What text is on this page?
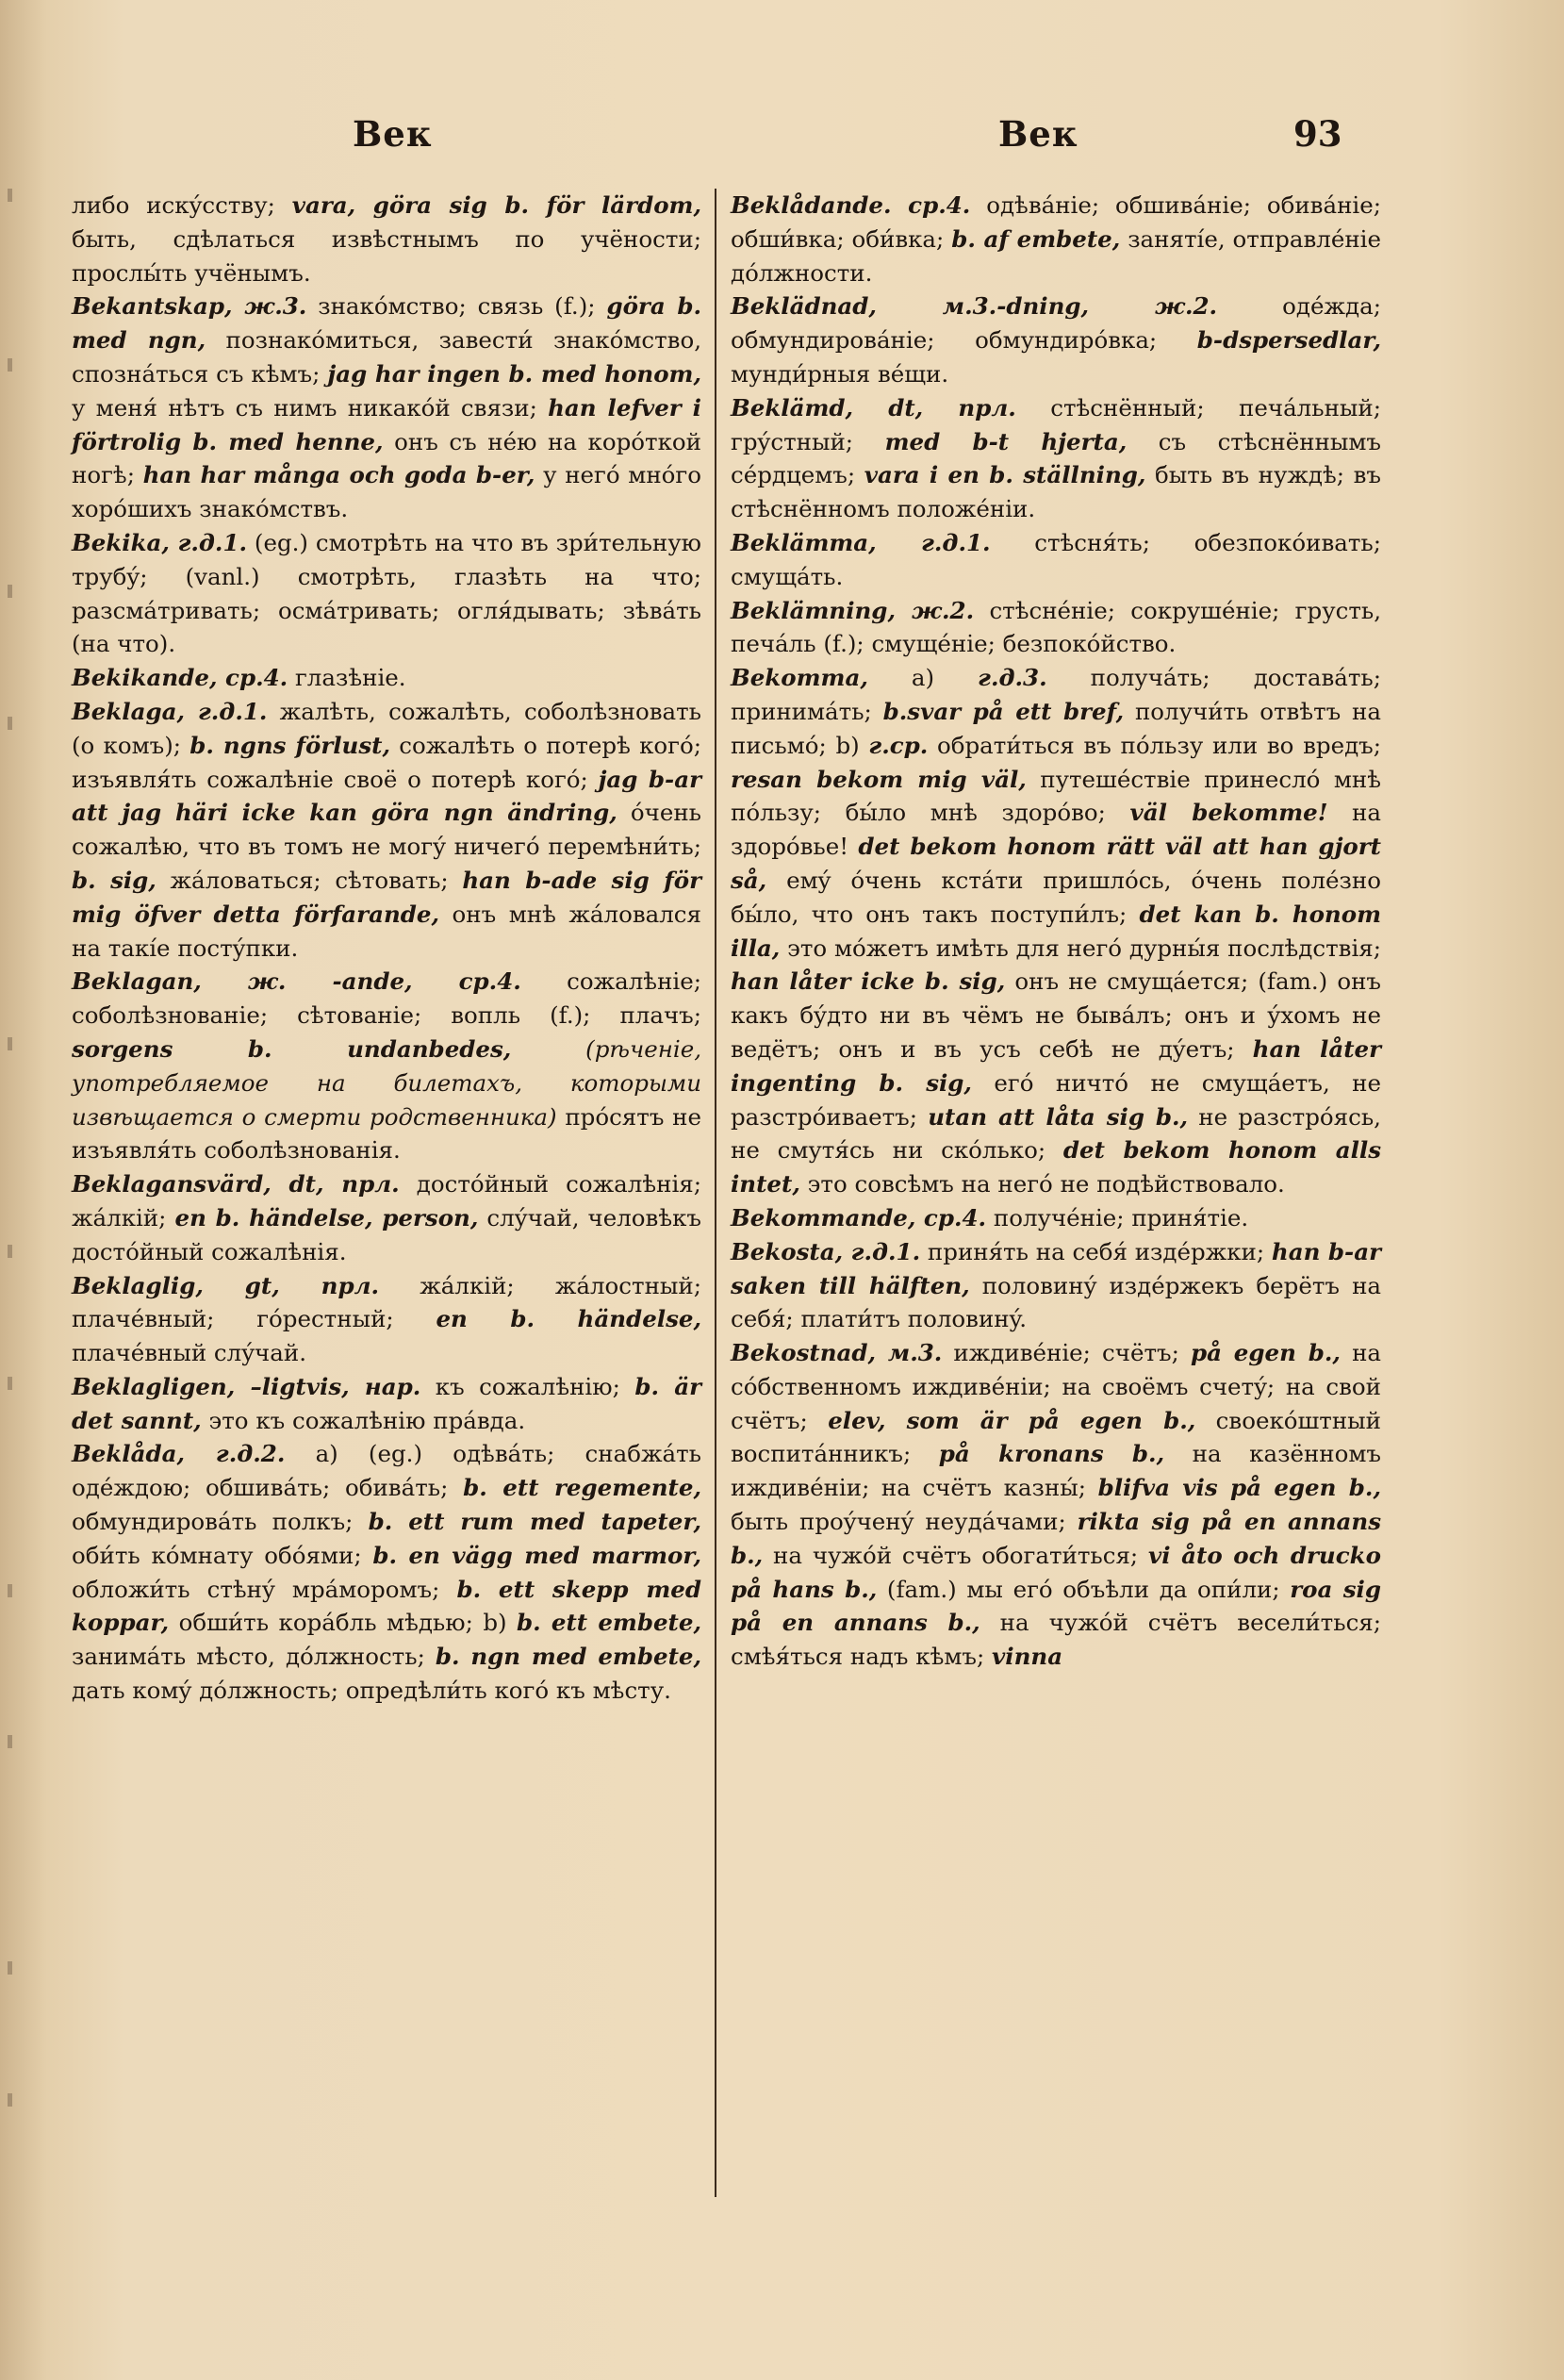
Век	Век	93

либо искýсству; vara, göra sig b. för lärdom, быть, сдѣлаться извѣстнымъ по учёности; прослы́ть учёнымъ.

Bekantskap, ж.3. знакóмство; связь (f.); göra b. med ngn, познакóмиться, завести́ знакóмство, спознáться съ кѣмъ; jag har ingen b. med honom, у меня́ нѣтъ съ нимъ никакóй связи; han lefver i förtrolig b. med henne, онъ съ нéю на корóткой ногѣ; han har många och goda b-er, у негó мнóго хорóшихъ знакóмствъ.

Bekika, г.д.1. (eg.) смотрѣть на что въ зри́тельную трубý; (vanl.) смотрѣть, глазѣть на что; разсмáтривать; осмáтривать; огля́дывать; зѣвáть (на что).

Bekikande, ср.4. глазѣніе.

Beklaga, г.д.1. жалѣть, сожалѣть, соболѣзновать (о комъ); b. ngns förlust, сожалѣть о потерѣ когó; изъявля́ть сожалѣніе своё о потерѣ когó; jag b-ar att jag häri icke kan göra ngn ändring, óчень сожалѣю, что въ томъ не могý ничегó перемѣни́ть; b. sig, жáловаться; сѣтовать; han b-ade sig för mig öfver detta förfarande, онъ мнѣ жáловался на такíе постýпки.

Beklagan, ж. -ande, ср.4. сожалѣніе; соболѣзнованіе; сѣтованіе; вопль (f.); плачъ; sorgens b. undanbedes, (рѣченіе, употребляемое на билетахъ, которыми извѣщается о смерти родственника) прóсятъ не изъявля́ть соболѣзнованія.

Beklagansvärd, dt, прл. достóйный сожалѣнія; жáлкій; en b. händelse, person, слýчай, человѣкъ достóйный сожалѣнія.

Beklaglig, gt, прл. жáлкій; жáлостный; плачéвный; гóрестный; en b. händelse, плачéвный слýчай.

Beklagligen, –ligtvis, нар. къ сожалѣнію; b. är det sannt, это къ сожалѣнію прáвда.

Beklåda, г.д.2. a) (eg.) одѣвáть; снабжáть одéждою; обшивáть; обивáть; b. ett regemente, обмундировáть полкъ; b. ett rum med tapeter, оби́ть кóмнату обóями; b. en vägg med marmor, обложи́ть стѣнý мрáморомъ; b. ett skepp med koppar, обши́ть корáбль мѣдью; b) b. ett embete, занимáть мѣсто, дóлжность; b. ngn med embete, дать комý дóлжность; опредѣли́ть когó къ мѣсту.

Beklådande. ср.4. одѣвáніе; обшивáніе; обивáніе; обши́вка; оби́вка; b. af embete, занятíе, отправлéніе дóлжности.

Beklädnad, м.3.-dning, ж.2. одéжда; обмундировáніе; обмундирóвка; b-dspersedlar, мунди́рныя вéщи.

Beklämd, dt, прл. стѣснённый; печáльный; грýстный; med b-t hjerta, съ стѣснённымъ сéрдцемъ; vara i en b. ställning, быть въ нуждѣ; въ стѣснённомъ положéніи.

Beklämma, г.д.1. стѣсня́ть; обезпокóивать; смущáть.

Beklämning, ж.2. стѣснéніе; сокрушéніе; грусть, печáль (f.); смущéніе; безпокóйство.

Bekomma, a) г.д.3. получáть; доставáть; принимáть; b.svar på ett bref, получи́ть отвѣтъ на письмó; b) г.ср. обрати́ться въ пóльзу или во вредъ; resan bekom mig väl, путешéствіе принеслó мнѣ пóльзу; бы́ло мнѣ здорóво; väl bekomme! на здорóвье! det bekom honom rätt väl att han gjort så, емý óчень кстáти пришлóсь, óчень полéзно бы́ло, что онъ такъ поступи́лъ; det kan b. honom illa, это мóжетъ имѣть для негó дурны́я послѣдствія; han låter icke b. sig, онъ не смущáется; (fam.) онъ какъ бýдто ни въ чёмъ не бывáлъ; онъ и ýхомъ не ведётъ; онъ и въ усъ себѣ не дýетъ; han låter ingenting b. sig, егó ничтó не смущáетъ, не разстрóиваетъ; utan att låta sig b., не разстрóясь, не смутя́сь ни скóлько; det bekom honom alls intet, это совсѣмъ на негó не подѣйствовало.

Bekommande, ср.4. получéніе; приня́тіе.

Bekosta, г.д.1. приня́ть на себя́ издéржки; han b-ar saken till hälften, половинý издéржекъ берётъ на себя́; плати́тъ половинý.

Bekostnad, м.3. иждивéніе; счётъ; på egen b., на сóбственномъ иждивéніи; на своёмъ счетý; на свой счётъ; elev, som är på egen b., своекóштный воспитáнникъ; på kronans b., на казённомъ иждивéніи; на счётъ казны́; blifva vis på egen b., быть проýченý неудáчами; rikta sig på en annans b., на чужóй счётъ обогати́ться; vi åto och drucko på hans b., (fam.) мы егó объѣли да опи́ли; roa sig på en annans b., на чужóй счётъ весели́ться; смѣя́ться надъ кѣмъ; vinna
